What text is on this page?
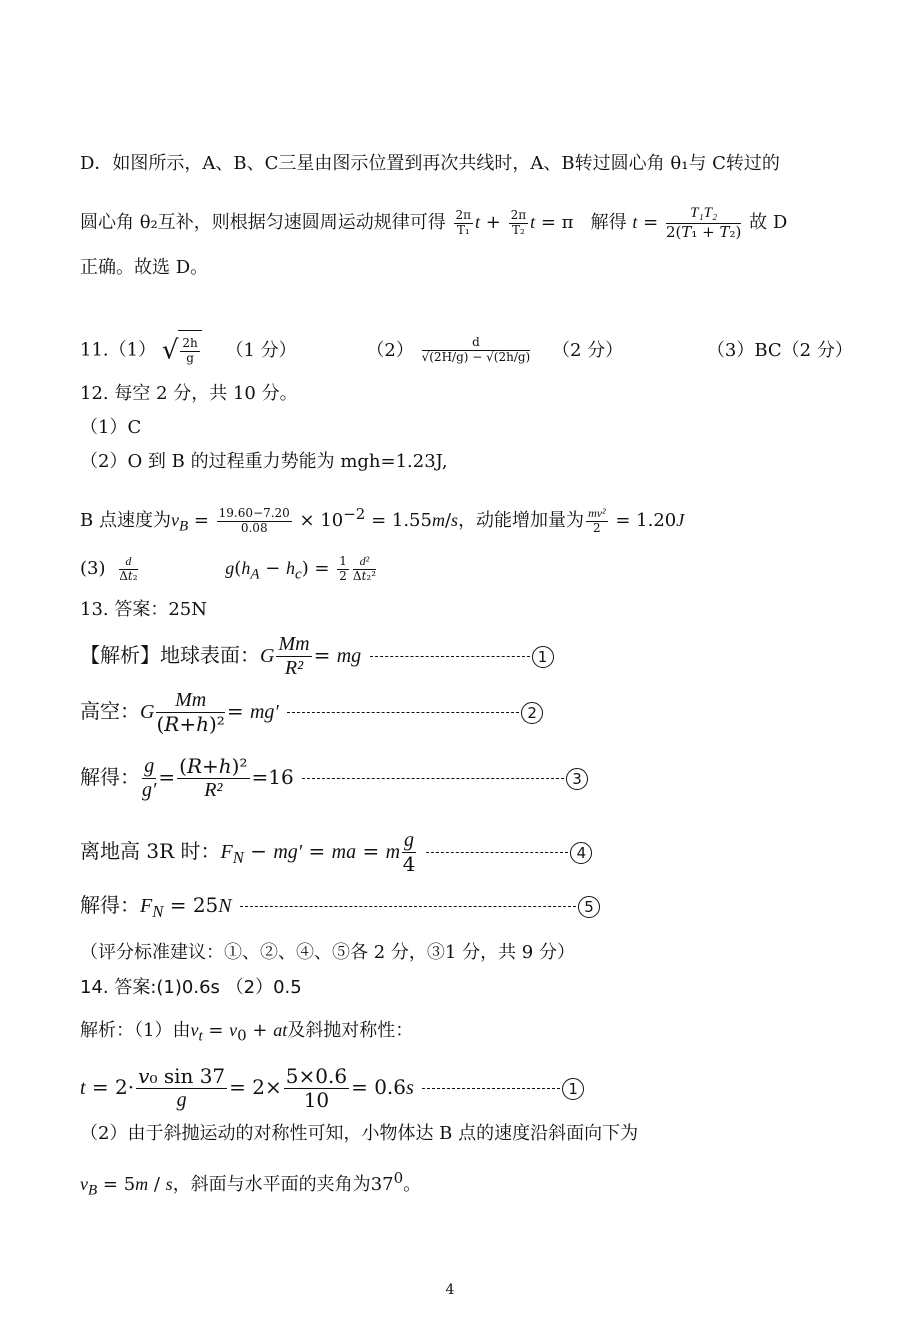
D．如图所示，A、B、C三星由图示位置到再次共线时，A、B转过圆心角 θ₁与 C转过的
圆心角 θ₂互补，则根据匀速圆周运动规律可得 $\frac{2\pi}{\text{T₁}}$ $t + \frac{2\pi}{\text{T₂}}$ t = π   解得 $t = \frac{\text{T₁T₂}}{\text{2(T₁ + T₂)}}$ 故 D
正确。故选 D。
11.（1） √ $\frac{2h}{g} (1$ 分）	$(2) \frac{d}{√(2H/g) - √(2h/g)} (2$ 分）	（3）BC（2 分）
12. 每空 2 分，共 10 分。
（1）C
（2）O 到 B 的过程重力势能为 mgh=1.23J,
B 点速度为$v_B = \frac{19.60-7.20}{0.08} \times 10^{-2} = 1.55m/s$，动能增加量为 $\frac{\text{mv²}}{2} = 1.20J$
$(3) \frac{d}{\text{Δt₂}}$	$g(h_A - h_c) = \frac{1}{2} \frac{\text{d²}}{\text{Δt₂²}}$
13. 答案：25N
【解析】地球表面：G $\frac{Mm}{\text{R²}}$ = mg	1
高空：G $\frac{Mm}{\text{(R+h)²}} = mg'$	2
解得： $\frac{g}{g'} = \frac{\text{(R+h)²}}{\text{R²}} =16$	3
离地高 3R 时：$F_N - mg'$ = ma = m $\frac{g}{4}$	4
解得：$F_N = 25N$	5
（评分标准建议：①、②、④、⑤各 2 分，③1 分，共 9 分）
14. 答案:(1)0.6s （2）0.5
解析：（1）由$v_t = v_0$ + at及斜抛对称性：
$t = 2\cdot \frac{\text{v₀ sin 37}}{g} = 2\times \frac{5\times 0.6}{10} = 0.6s$	1
（2）由于斜抛运动的对称性可知，小物体达 B 点的速度沿斜面向下为
$v_B = 5m / s$，斜面与水平面的夹角为$37^0$。
4
